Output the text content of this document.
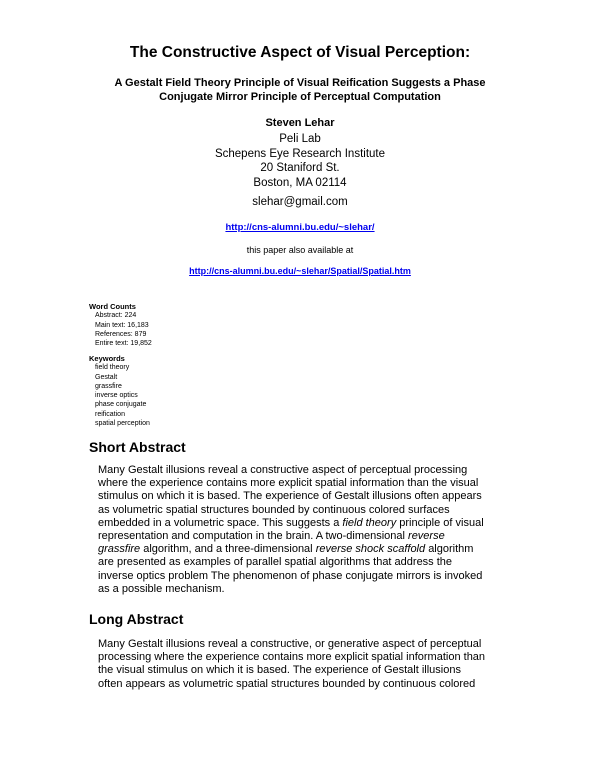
The Constructive Aspect of Visual Perception:
A Gestalt Field Theory Principle of Visual Reification Suggests a Phase
Conjugate Mirror Principle of Perceptual Computation
Steven Lehar
Peli Lab
Schepens Eye Research Institute
20 Staniford St.
Boston, MA 02114
slehar@gmail.com
http://cns-alumni.bu.edu/~slehar/
this paper also available at
http://cns-alumni.bu.edu/~slehar/Spatial/Spatial.htm
Word Counts
Abstract: 224
Main text: 16,183
References: 879
Entire text: 19,852
Keywords
field theory
Gestalt
grassfire
inverse optics
phase conjugate
reification
spatial perception
Short Abstract

Many Gestalt illusions reveal a constructive aspect of perceptual processing
where the experience contains more explicit spatial information than the visual
stimulus on which it is based. The experience of Gestalt illusions often appears
as volumetric spatial structures bounded by continuous colored surfaces
embedded in a volumetric space. This suggests a field theory principle of visual
representation and computation in the brain. A two-dimensional reverse
grassfire algorithm, and a three-dimensional reverse shock scaffold algorithm
are presented as examples of parallel spatial algorithms that address the
inverse optics problem The phenomenon of phase conjugate mirrors is invoked
as a possible mechanism.

Long Abstract

Many Gestalt illusions reveal a constructive, or generative aspect of perceptual
processing where the experience contains more explicit spatial information than
the visual stimulus on which it is based. The experience of Gestalt illusions
often appears as volumetric spatial structures bounded by continuous colored
